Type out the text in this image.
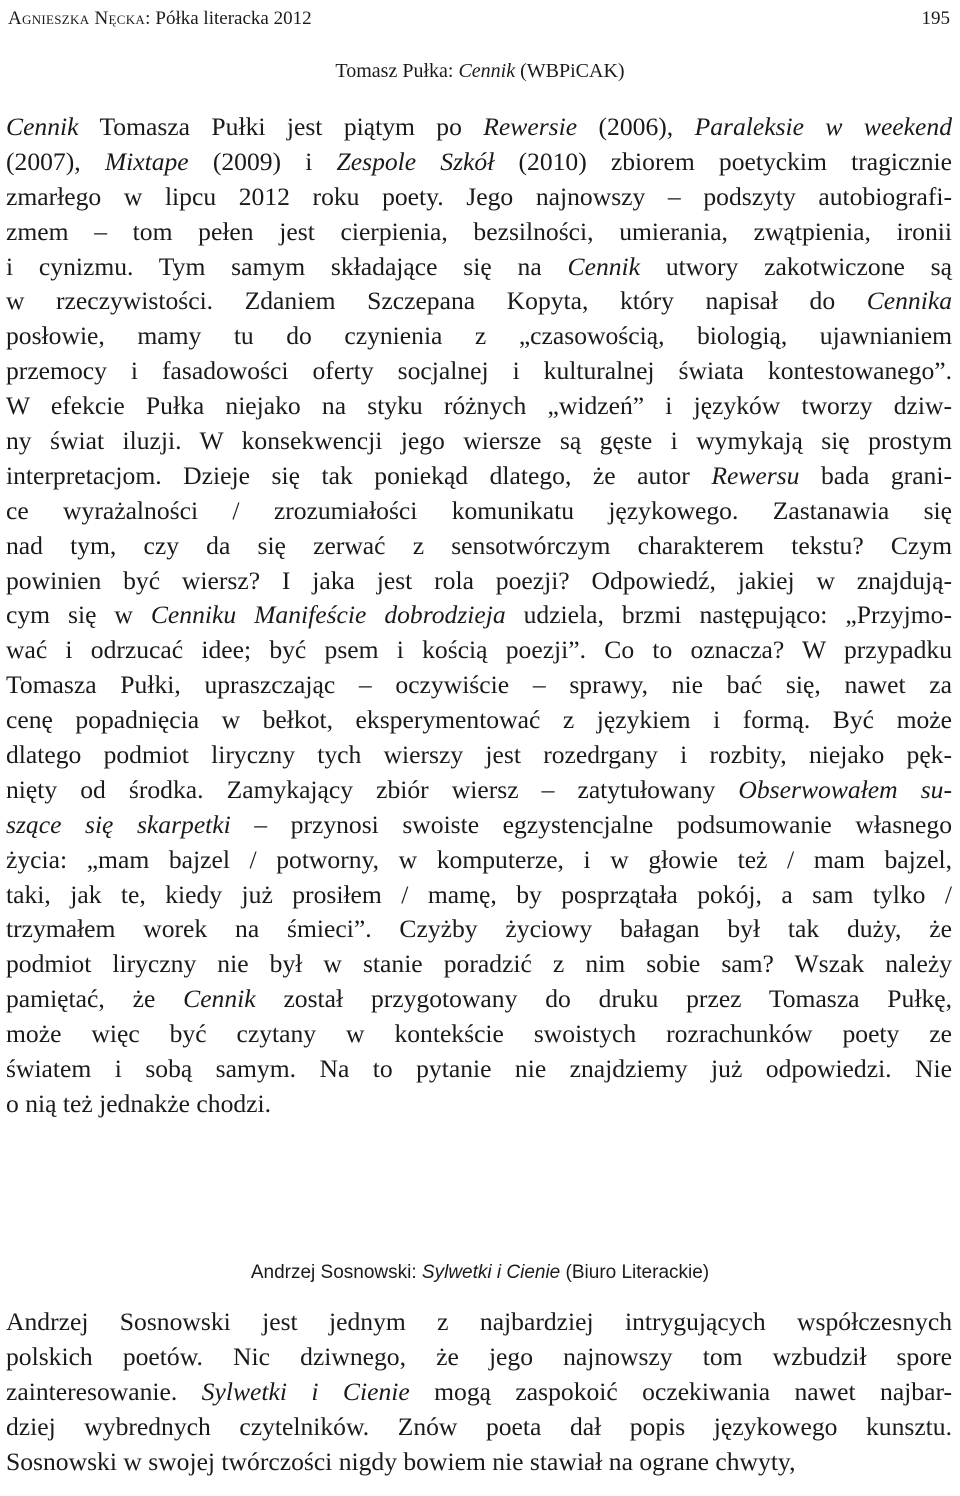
Agnieszka Nęcka: Półka literacka 2012	195
Tomasz Pułka: Cennik (WBPiCAK)
Cennik Tomasza Pułki jest piątym po Rewersie (2006), Paraleksie w weekend
(2007), Mixtape (2009) i Zespole Szkół (2010) zbiorem poetyckim tragicznie
zmarłego w lipcu 2012 roku poety. Jego najnowszy – podszyty autobiografi-
zmem – tom pełen jest cierpienia, bezsilności, umierania, zwątpienia, ironii
i cynizmu. Tym samym składające się na Cennik utwory zakotwiczone są
w rzeczywistości. Zdaniem Szczepana Kopyta, który napisał do Cennika
posłowie, mamy tu do czynienia z „czasowością, biologią, ujawnianiem
przemocy i fasadowości oferty socjalnej i kulturalnej świata kontestowanego”.
W efekcie Pułka niejako na styku różnych „widzeń” i języków tworzy dziw-
ny świat iluzji. W konsekwencji jego wiersze są gęste i wymykają się prostym
interpretacjom. Dzieje się tak poniekąd dlatego, że autor Rewersu bada grani-
ce wyrażalności / zrozumiałości komunikatu językowego. Zastanawia się
nad tym, czy da się zerwać z sensotwórczym charakterem tekstu? Czym
powinien być wiersz? I jaka jest rola poezji? Odpowiedź, jakiej w znajdują-
cym się w Cenniku Manifeście dobrodzieja udziela, brzmi następująco: „Przyjmo-
wać i odrzucać idee; być psem i kością poezji”. Co to oznacza? W przypadku
Tomasza Pułki, upraszczając – oczywiście – sprawy, nie bać się, nawet za
cenę popadnięcia w bełkot, eksperymentować z językiem i formą. Być może
dlatego podmiot liryczny tych wierszy jest rozedrgany i rozbity, niejako pęk-
nięty od środka. Zamykający zbiór wiersz – zatytułowany Obserwowałem su-
szące się skarpetki – przynosi swoiste egzystencjalne podsumowanie własnego
życia: „mam bajzel / potworny, w komputerze, i w głowie też / mam bajzel,
taki, jak te, kiedy już prosiłem / mamę, by posprzątała pokój, a sam tylko /
trzymałem worek na śmieci”. Czyżby życiowy bałagan był tak duży, że
podmiot liryczny nie był w stanie poradzić z nim sobie sam? Wszak należy
pamiętać, że Cennik został przygotowany do druku przez Tomasza Pułkę,
może więc być czytany w kontekście swoistych rozrachunków poety ze
światem i sobą samym. Na to pytanie nie znajdziemy już odpowiedzi. Nie
o nią też jednakże chodzi.
Andrzej Sosnowski: Sylwetki i Cienie (Biuro Literackie)
Andrzej Sosnowski jest jednym z najbardziej intrygujących współczesnych
polskich poetów. Nic dziwnego, że jego najnowszy tom wzbudził spore
zainteresowanie. Sylwetki i Cienie mogą zaspokoić oczekiwania nawet najbar-
dziej wybrednych czytelników. Znów poeta dał popis językowego kunsztu.
Sosnowski w swojej twórczości nigdy bowiem nie stawiał na ograne chwyty,
